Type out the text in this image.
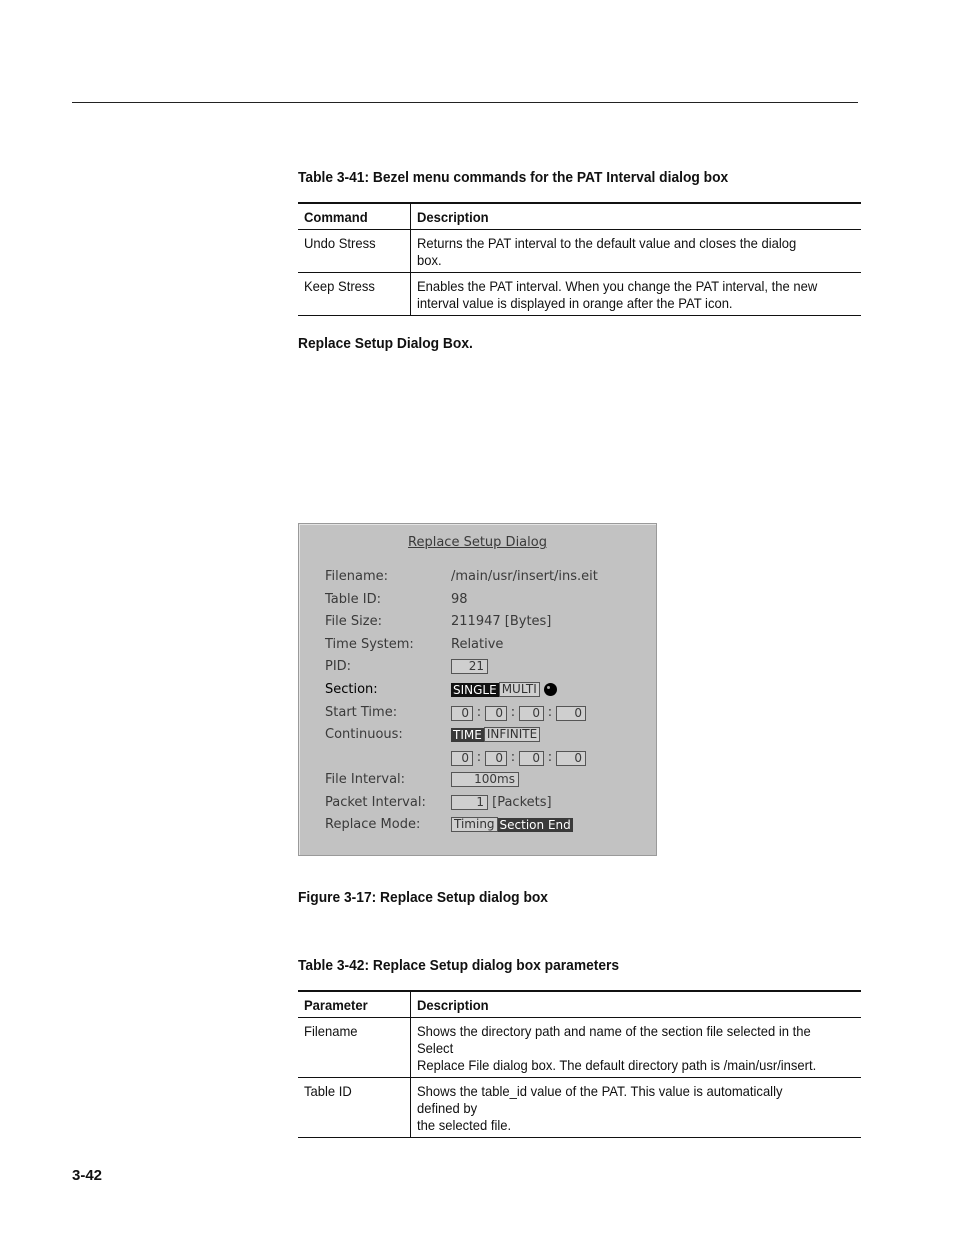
Table 3-41: Bezel menu commands for the PAT Interval dialog box
Command	Description
Undo Stress	Returns the PAT interval to the default value and closes the dialog box.
Keep Stress	Enables the PAT interval. When you change the PAT interval, the new
interval value is displayed in orange after the PAT icon.
Replace Setup Dialog Box.
Replace Setup Dialog
Filename:	/main/usr/insert/ins.eit
Table ID:	98
File Size:	211947 [Bytes]
Time System:	Relative
PID:	21
Section:	SINGLE MULTI
Start Time:	0 : 0 : 0 : 0
Continuous:	TIME INFINITE
0 : 0 : 0 : 0
File Interval:	100ms
Packet Interval:	1 [Packets]
Replace Mode:	Timing Section End
Figure 3-17: Replace Setup dialog box
Table 3-42: Replace Setup dialog box parameters
Parameter	Description
Filename	Shows the directory path and name of the section file selected in the Select
Replace File dialog box. The default directory path is /main/usr/insert.
Table ID	Shows the table_id value of the PAT. This value is automatically defined by
the selected file.
3-42
